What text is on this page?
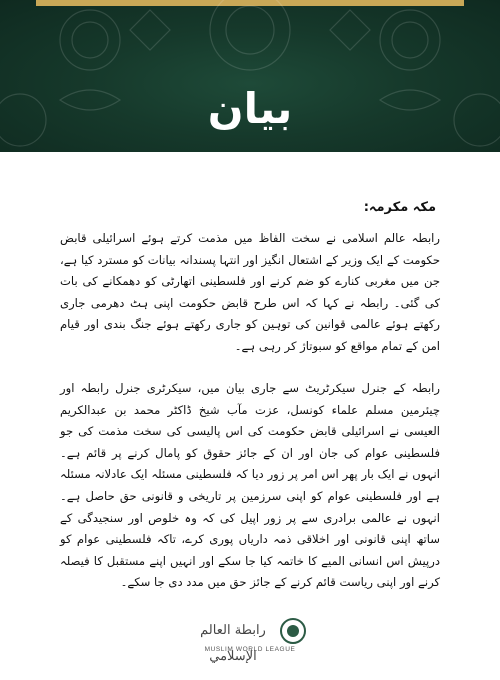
بیان
مکہ مکرمہ:

رابطہ عالم اسلامی نے سخت الفاظ میں مذمت کرتے ہوئے اسرائیلی قابض حکومت کے ایک وزیر کے اشتعال انگیز اور انتہا پسندانہ بیانات کو مسترد کیا ہے، جن میں مغربی کنارے کو ضم کرنے اور فلسطینی اتھارٹی کو دھمکانے کی بات کی گئی۔ رابطہ نے کہا کہ اس طرح قابض حکومت اپنی ہٹ دھرمی جاری رکھتے ہوئے عالمی قوانین کی توہین کو جاری رکھتے ہوئے جنگ بندی اور قیام امن کے تمام مواقع کو سبوتاژ کر رہی ہے۔

رابطہ کے جنرل سیکرٹریٹ سے جاری بیان میں، سیکرٹری جنرل رابطہ اور چیئرمین مسلم علماء کونسل، عزت مآب شیخ ڈاکٹر محمد بن عبدالکریم العیسی نے اسرائیلی قابض حکومت کی اس پالیسی کی سخت مذمت کی جو فلسطینی عوام کی جان اور ان کے جائز حقوق کو پامال کرنے پر قائم ہے۔ انہوں نے ایک بار پھر اس امر پر زور دیا کہ فلسطینی مسئلہ ایک عادلانہ مسئلہ ہے اور فلسطینی عوام کو اپنی سرزمین پر تاریخی و قانونی حق حاصل ہے۔ انہوں نے عالمی برادری سے پر زور اپیل کی کہ وہ خلوص اور سنجیدگی کے ساتھ اپنی قانونی اور اخلاقی ذمہ داریاں پوری کرے، تاکہ فلسطینی عوام کو درپیش اس انسانی المیے کا خاتمہ کیا جا سکے اور انہیں اپنے مستقبل کا فیصلہ کرنے اور اپنی ریاست قائم کرنے کے جائز حق میں مدد دی جا سکے۔

رابطة العالم الإسلامي
MUSLIM WORLD LEAGUE
